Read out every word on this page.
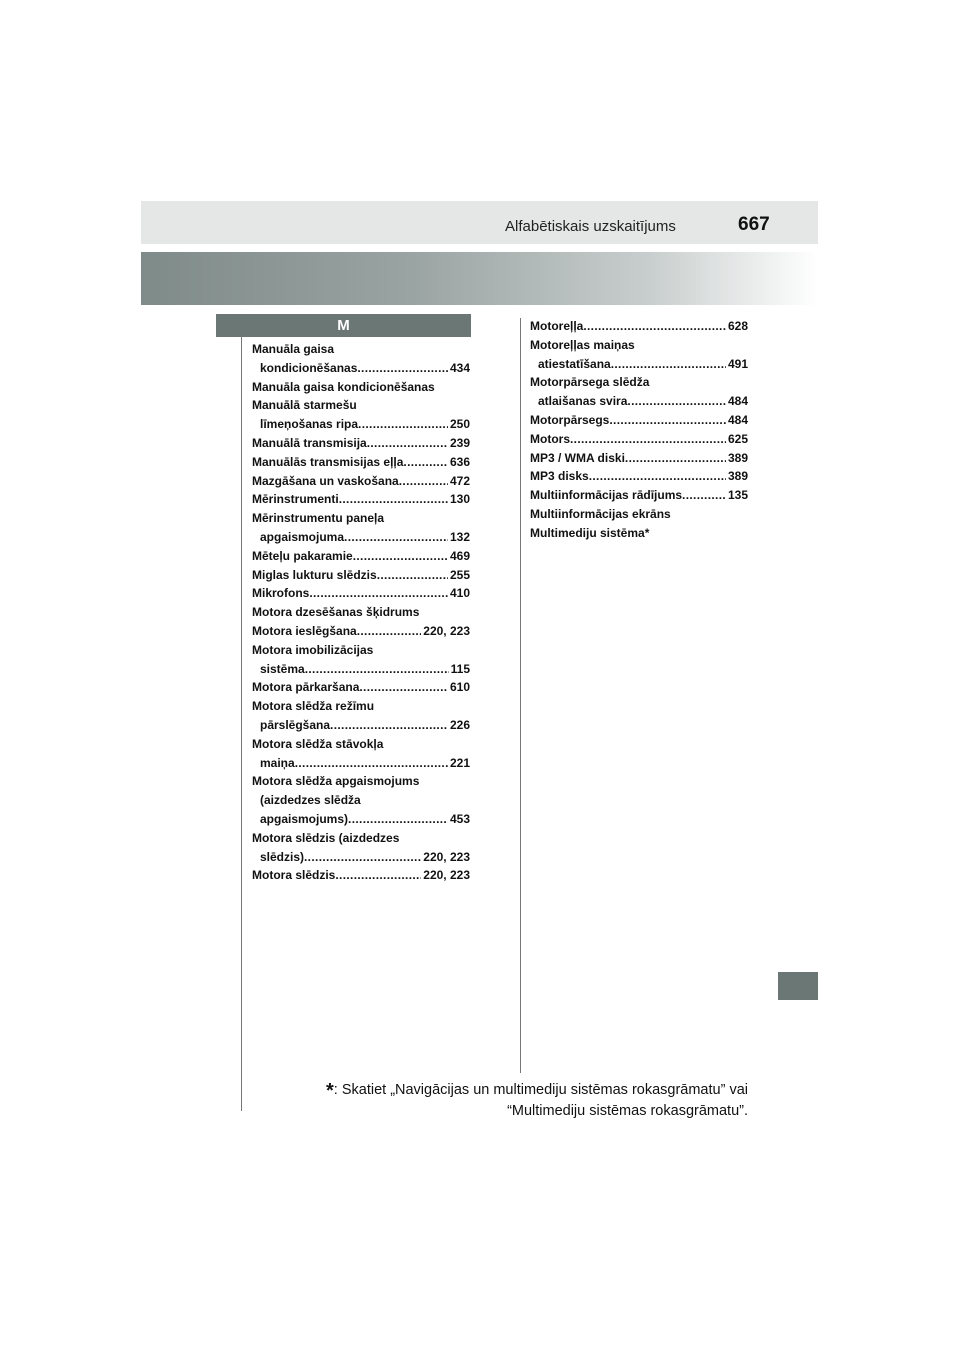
Alfabētiskais uzskaitījums	667
M
Manuāla gaisa
kondicionēšanas . . .	434
Manuāla gaisa kondicionēšanas
Manuālā starmešu
līmeņošanas ripa . . .	250
Manuālā transmisija . . .	239
Manuālās transmisijas eļļa . . .	636
Mazgāšana un vaskošana . . .	472
Mērinstrumenti . . .	130
Mērinstrumentu paneļa
apgaismojuma . . .	132
Mēteļu pakaramie . . .	469
Miglas lukturu slēdzis . . .	255
Mikrofons . . .	410
Motora dzesēšanas šķidrums
Motora ieslēgšana . . .	220, 223
Motora imobilizācijas
sistēma . . .	115
Motora pārkaršana . . .	610
Motora slēdža režīmu
pārslēgšana . . .	226
Motora slēdža stāvokļa
maiņa . . .	221
Motora slēdža apgaismojums
(aizdedzes slēdža
apgaismojums) . . .	453
Motora slēdzis (aizdedzes
slēdzis) . . .	220, 223
Motora slēdzis . . .	220, 223
Motoreļļa . . .	628
Motoreļļas maiņas
atiestatīšana . . .	491
Motorpārsega slēdža
atlaišanas svira . . .	484
Motorpārsegs . . .	484
Motors . . .	625
MP3 / WMA diski . . .	389
MP3 disks . . .	389
Multiinformācijas rādījums . . .	135
Multiinformācijas ekrāns
Multimediju sistēma*
*: Skatiet „Navigācijas un multimediju sistēmas rokasgrāmatu” vai
“Multimediju sistēmas rokasgrāmatu”.
